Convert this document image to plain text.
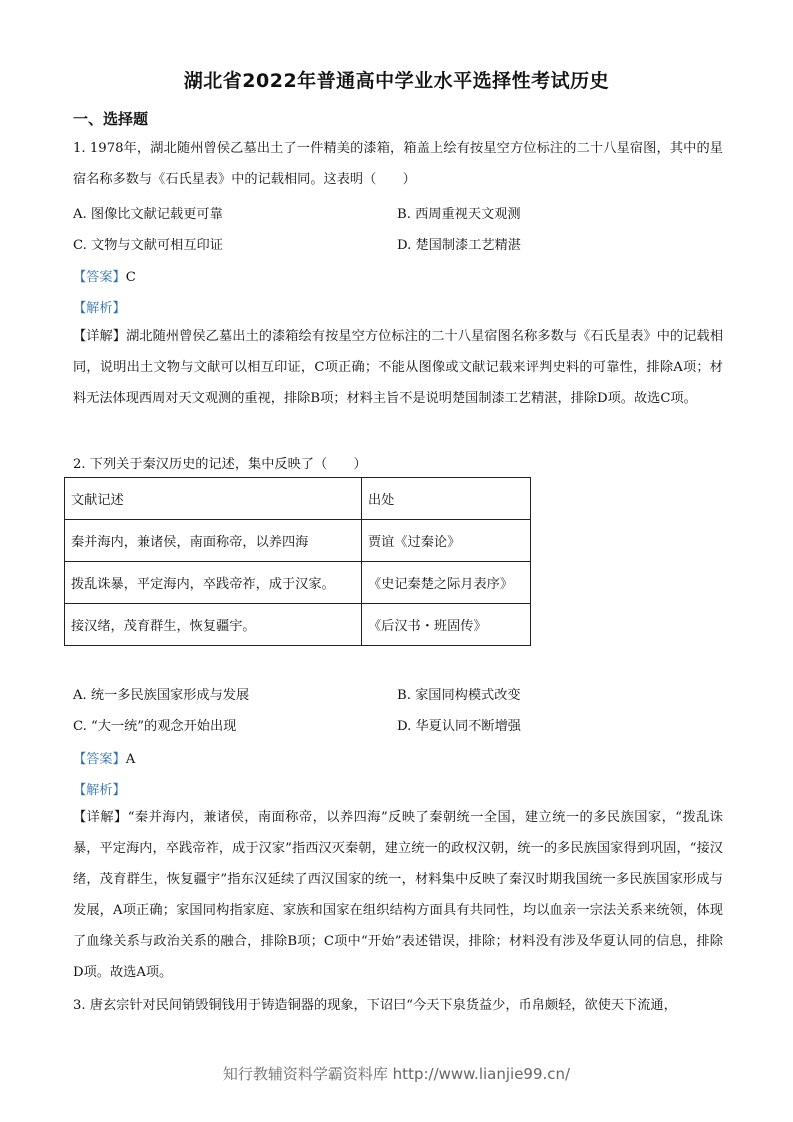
湖北省2022年普通高中学业水平选择性考试历史
一、选择题

1. 1978年，湖北随州曾侯乙墓出土了一件精美的漆箱，箱盖上绘有按星空方位标注的二十八星宿图，其中的星宿名称多数与《石氏星表》中的记载相同。这表明（　　）

A. 图像比文献记载更可靠	B. 西周重视天文观测
C. 文物与文献可相互印证	D. 楚国制漆工艺精湛
【答案】C
【解析】

【详解】湖北随州曾侯乙墓出土的漆箱绘有按星空方位标注的二十八星宿图名称多数与《石氏星表》中的记载相同，说明出土文物与文献可以相互印证，C项正确；不能从图像或文献记载来评判史料的可靠性，排除A项；材料无法体现西周对天文观测的重视，排除B项；材料主旨不是说明楚国制漆工艺精湛，排除D项。故选C项。

2. 下列关于秦汉历史的记述，集中反映了（　　）
文献记述	出处
秦并海内，兼诸侯，南面称帝，以养四海	贾谊《过秦论》
拨乱诛暴，平定海内，卒践帝祚，成于汉家。	《史记秦楚之际月表序》
接汉绪，茂育群生，恢复疆宇。	《后汉书・班固传》
A. 统一多民族国家形成与发展	B. 家国同构模式改变
C. “大一统”的观念开始出现	D. 华夏认同不断增强
【答案】A
【解析】

【详解】“秦并海内，兼诸侯，南面称帝，以养四海”反映了秦朝统一全国，建立统一的多民族国家，“拨乱诛暴，平定海内，卒践帝祚，成于汉家”指西汉灭秦朝，建立统一的政权汉朝，统一的多民族国家得到巩固，“接汉绪，茂育群生，恢复疆宇”指东汉延续了西汉国家的统一，材料集中反映了秦汉时期我国统一多民族国家形成与发展，A项正确；家国同构指家庭、家族和国家在组织结构方面具有共同性，均以血亲一宗法关系来统领，体现了血缘关系与政治关系的融合，排除B项；C项中“开始”表述错误，排除；材料没有涉及华夏认同的信息，排除D项。故选A项。

3. 唐玄宗针对民间销毁铜钱用于铸造铜器的现象，下诏曰“今天下泉货益少，币帛颇轻，欲使天下流通，

知行教辅资料学霸资料库 http://www.lianjie99.cn/
